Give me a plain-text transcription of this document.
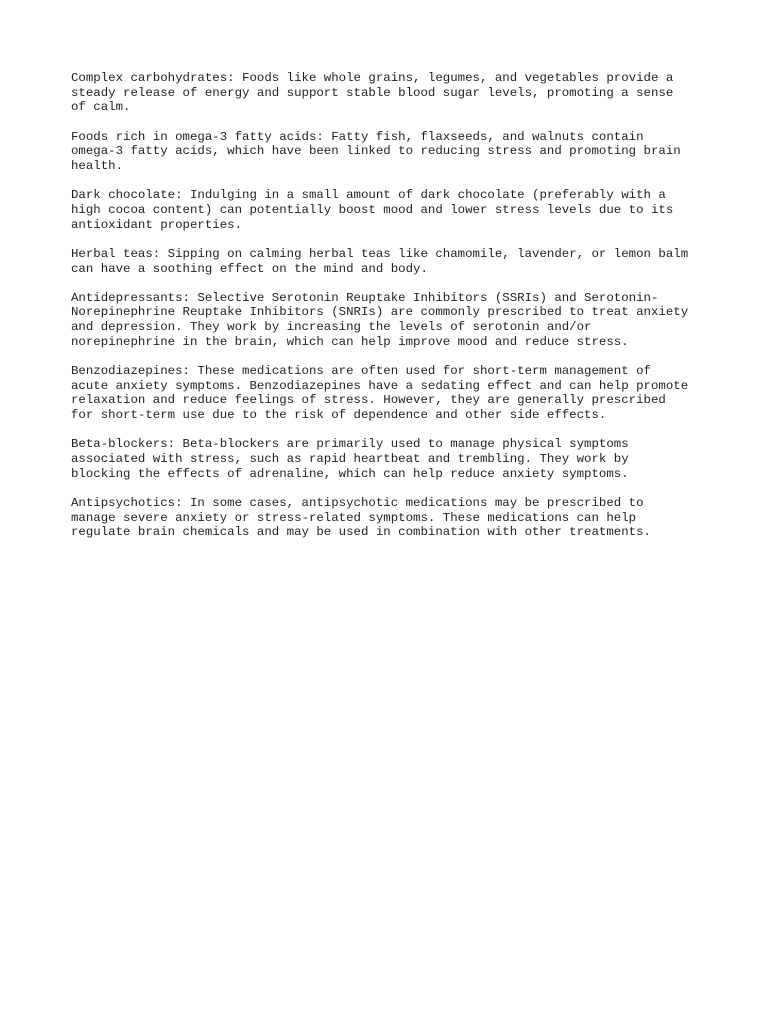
Complex carbohydrates: Foods like whole grains, legumes, and vegetables provide a
steady release of energy and support stable blood sugar levels, promoting a sense
of calm.

Foods rich in omega-3 fatty acids: Fatty fish, flaxseeds, and walnuts contain
omega-3 fatty acids, which have been linked to reducing stress and promoting brain
health.

Dark chocolate: Indulging in a small amount of dark chocolate (preferably with a
high cocoa content) can potentially boost mood and lower stress levels due to its
antioxidant properties.

Herbal teas: Sipping on calming herbal teas like chamomile, lavender, or lemon balm
can have a soothing effect on the mind and body.

Antidepressants: Selective Serotonin Reuptake Inhibitors (SSRIs) and Serotonin-
Norepinephrine Reuptake Inhibitors (SNRIs) are commonly prescribed to treat anxiety
and depression. They work by increasing the levels of serotonin and/or
norepinephrine in the brain, which can help improve mood and reduce stress.

Benzodiazepines: These medications are often used for short-term management of
acute anxiety symptoms. Benzodiazepines have a sedating effect and can help promote
relaxation and reduce feelings of stress. However, they are generally prescribed
for short-term use due to the risk of dependence and other side effects.

Beta-blockers: Beta-blockers are primarily used to manage physical symptoms
associated with stress, such as rapid heartbeat and trembling. They work by
blocking the effects of adrenaline, which can help reduce anxiety symptoms.

Antipsychotics: In some cases, antipsychotic medications may be prescribed to
manage severe anxiety or stress-related symptoms. These medications can help
regulate brain chemicals and may be used in combination with other treatments.
